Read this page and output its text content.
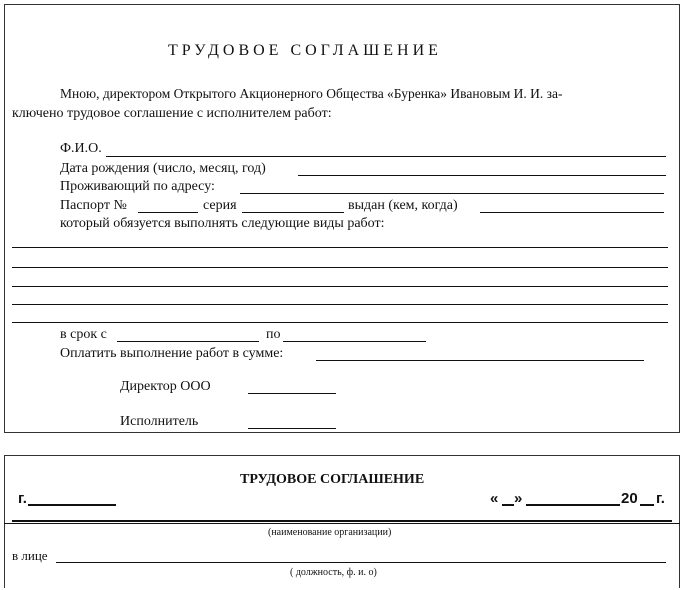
ТРУДОВОЕ СОГЛАШЕНИЕ
Мною, директором Открытого Акционерного Общества «Буренка» Ивановым И. И. за-
ключено трудовое соглашение с исполнителем работ:
Ф.И.О.
Дата рождения (число, месяц, год)
Проживающий по адресу:
Паспорт №	серия	выдан (кем, когда)
который обязуется выполнять следующие виды работ:
в срок с	по
Оплатить выполнение работ в сумме:
Директор ООО
Исполнитель
ТРУДОВОЕ СОГЛАШЕНИЕ
г.	« »	20 г.
(наименование организации)
в лице
( должность, ф. и. о)
